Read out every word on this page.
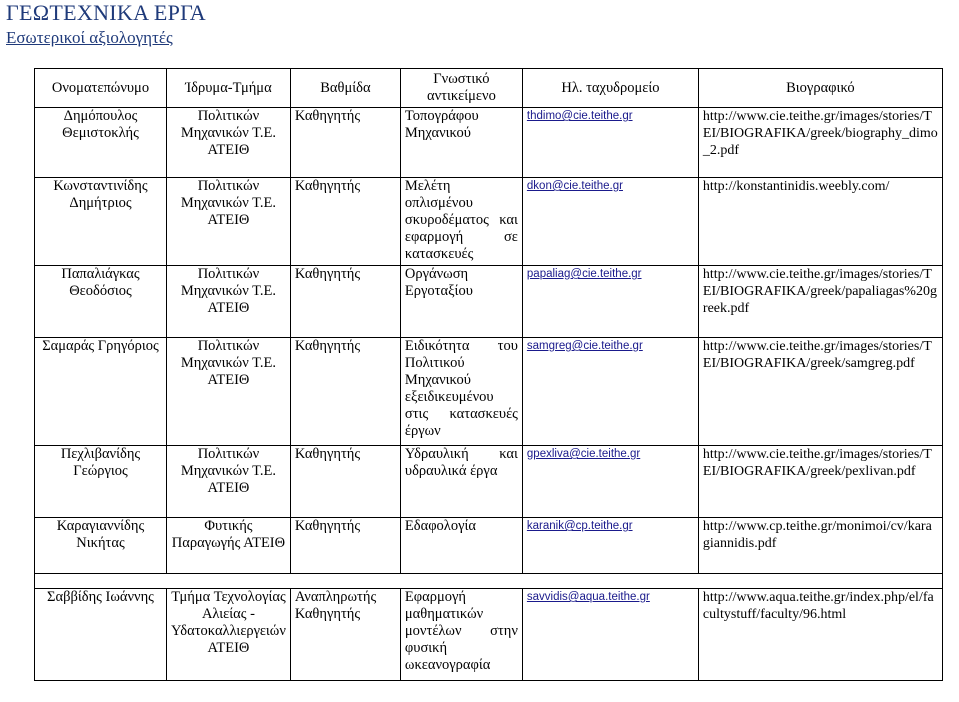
ΓΕΩΤΕΧΝΙΚΑ ΕΡΓΑ
Εσωτερικοί αξιολογητές
Ονοματεπώνυμο	Ίδρυμα-Τμήμα	Βαθμίδα	Γνωστικό αντικείμενο	Ηλ. ταχυδρομείο	Βιογραφικό
Δημόπουλος Θεμιστοκλής	Πολιτικών Μηχανικών Τ.Ε. ΑΤΕΙΘ	Καθηγητής	Τοπογράφου Μηχανικού	thdimo@cie.teithe.gr	http://www.cie.teithe.gr/images/stories/TEI/BIOGRAFIKA/greek/biography_dimo_2.pdf
Κωνσταντινίδης Δημήτριος	Πολιτικών Μηχανικών Τ.Ε. ΑΤΕΙΘ	Καθηγητής	Μελέτη οπλισμένου σκυροδέματος και εφαρμογή σε κατασκευές	dkon@cie.teithe.gr	http://konstantinidis.weebly.com/
Παπαλιάγκας Θεοδόσιος	Πολιτικών Μηχανικών Τ.Ε. ΑΤΕΙΘ	Καθηγητής	Οργάνωση Εργοταξίου	papaliag@cie.teithe.gr	http://www.cie.teithe.gr/images/stories/TEI/BIOGRAFIKA/greek/papaliagas%20greek.pdf
Σαμαράς Γρηγόριος	Πολιτικών Μηχανικών Τ.Ε. ΑΤΕΙΘ	Καθηγητής	Ειδικότητα του Πολιτικού Μηχανικού εξειδικευμένου στις κατασκευές έργων	samgreg@cie.teithe.gr	http://www.cie.teithe.gr/images/stories/TEI/BIOGRAFIKA/greek/samgreg.pdf
Πεχλιβανίδης Γεώργιος	Πολιτικών Μηχανικών Τ.Ε. ΑΤΕΙΘ	Καθηγητής	Υδραυλική και υδραυλικά έργα	gpexliva@cie.teithe.gr	http://www.cie.teithe.gr/images/stories/TEI/BIOGRAFIKA/greek/pexlivan.pdf
Καραγιαννίδης Νικήτας	Φυτικής Παραγωγής ΑΤΕΙΘ	Καθηγητής	Εδαφολογία	karanik@cp.teithe.gr	http://www.cp.teithe.gr/monimoi/cv/karagiannidis.pdf

Σαββίδης Ιωάννης	Τμήμα Τεχνολογίας Αλιείας - Υδατοκαλλιεργειών ΑΤΕΙΘ	Αναπληρωτής Καθηγητής	Εφαρμογή μαθηματικών μοντέλων στην φυσική ωκεανογραφία	savvidis@aqua.teithe.gr	http://www.aqua.teithe.gr/index.php/el/facultystuff/faculty/96.html
